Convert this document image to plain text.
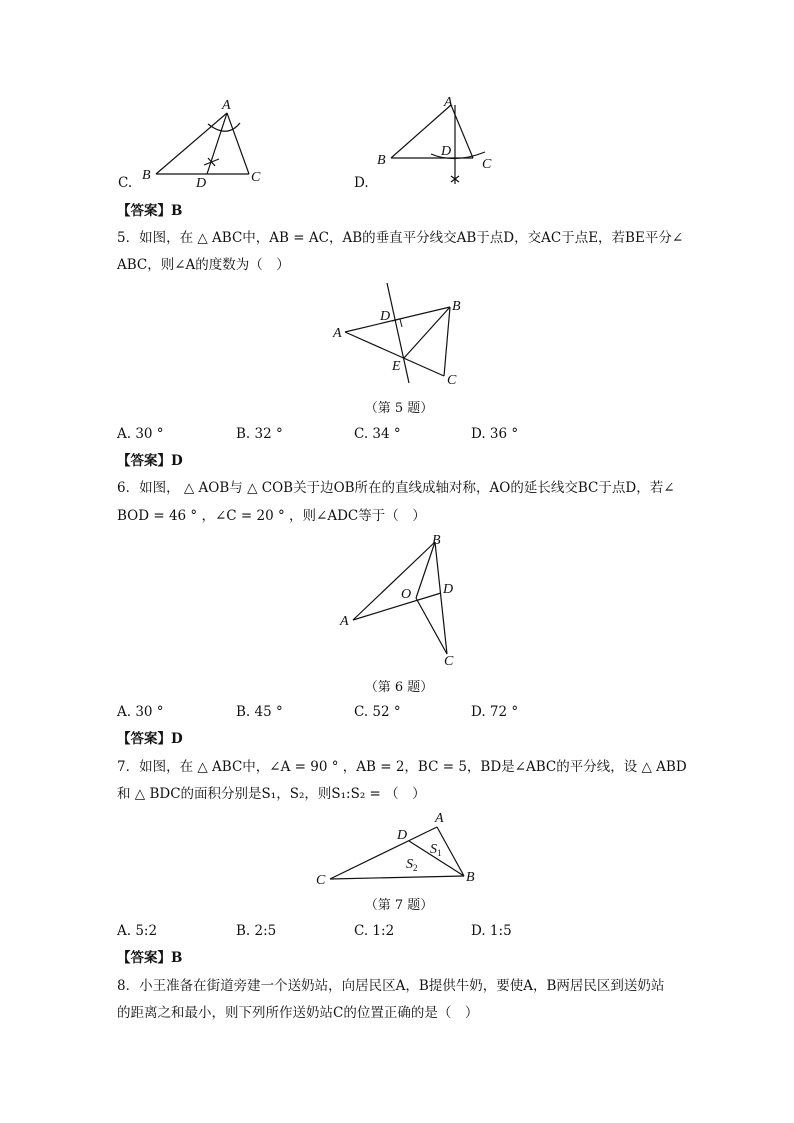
C.
A
B	C
D	D.
A
B	C
D
【答案】B
5．如图，在 △ ABC中，AB = AC，AB的垂直平分线交AB于点D，交AC于点E，若BE平分∠
ABC，则∠A的度数为（　）
A
B
C
D
E
（第 5 题）
A. 30 °	B. 32 °	C. 34 °	D. 36 °
【答案】D
6．如图， △ AOB与 △ COB关于边OB所在的直线成轴对称，AO的延长线交BC于点D，若∠
BOD = 46 ° ，∠C = 20 ° ，则∠ADC等于（　）
A
B
C
D
O
（第 6 题）
A. 30 °	B. 45 °	C. 52 °	D. 72 °
【答案】D
7．如图，在 △ ABC中，∠A = 90 ° ，AB = 2，BC = 5，BD是∠ABC的平分线，设 △ ABD
和 △ BDC的面积分别是S₁，S₂，则S₁:S₂ = （　）
A
B
C
D
$S_1$
$S_2$
（第 7 题）
A. 5:2	B. 2:5	C. 1:2	D. 1:5
【答案】B
8．小王准备在街道旁建一个送奶站，向居民区A，B提供牛奶，要使A，B两居民区到送奶站
的距离之和最小，则下列所作送奶站C的位置正确的是（　）
